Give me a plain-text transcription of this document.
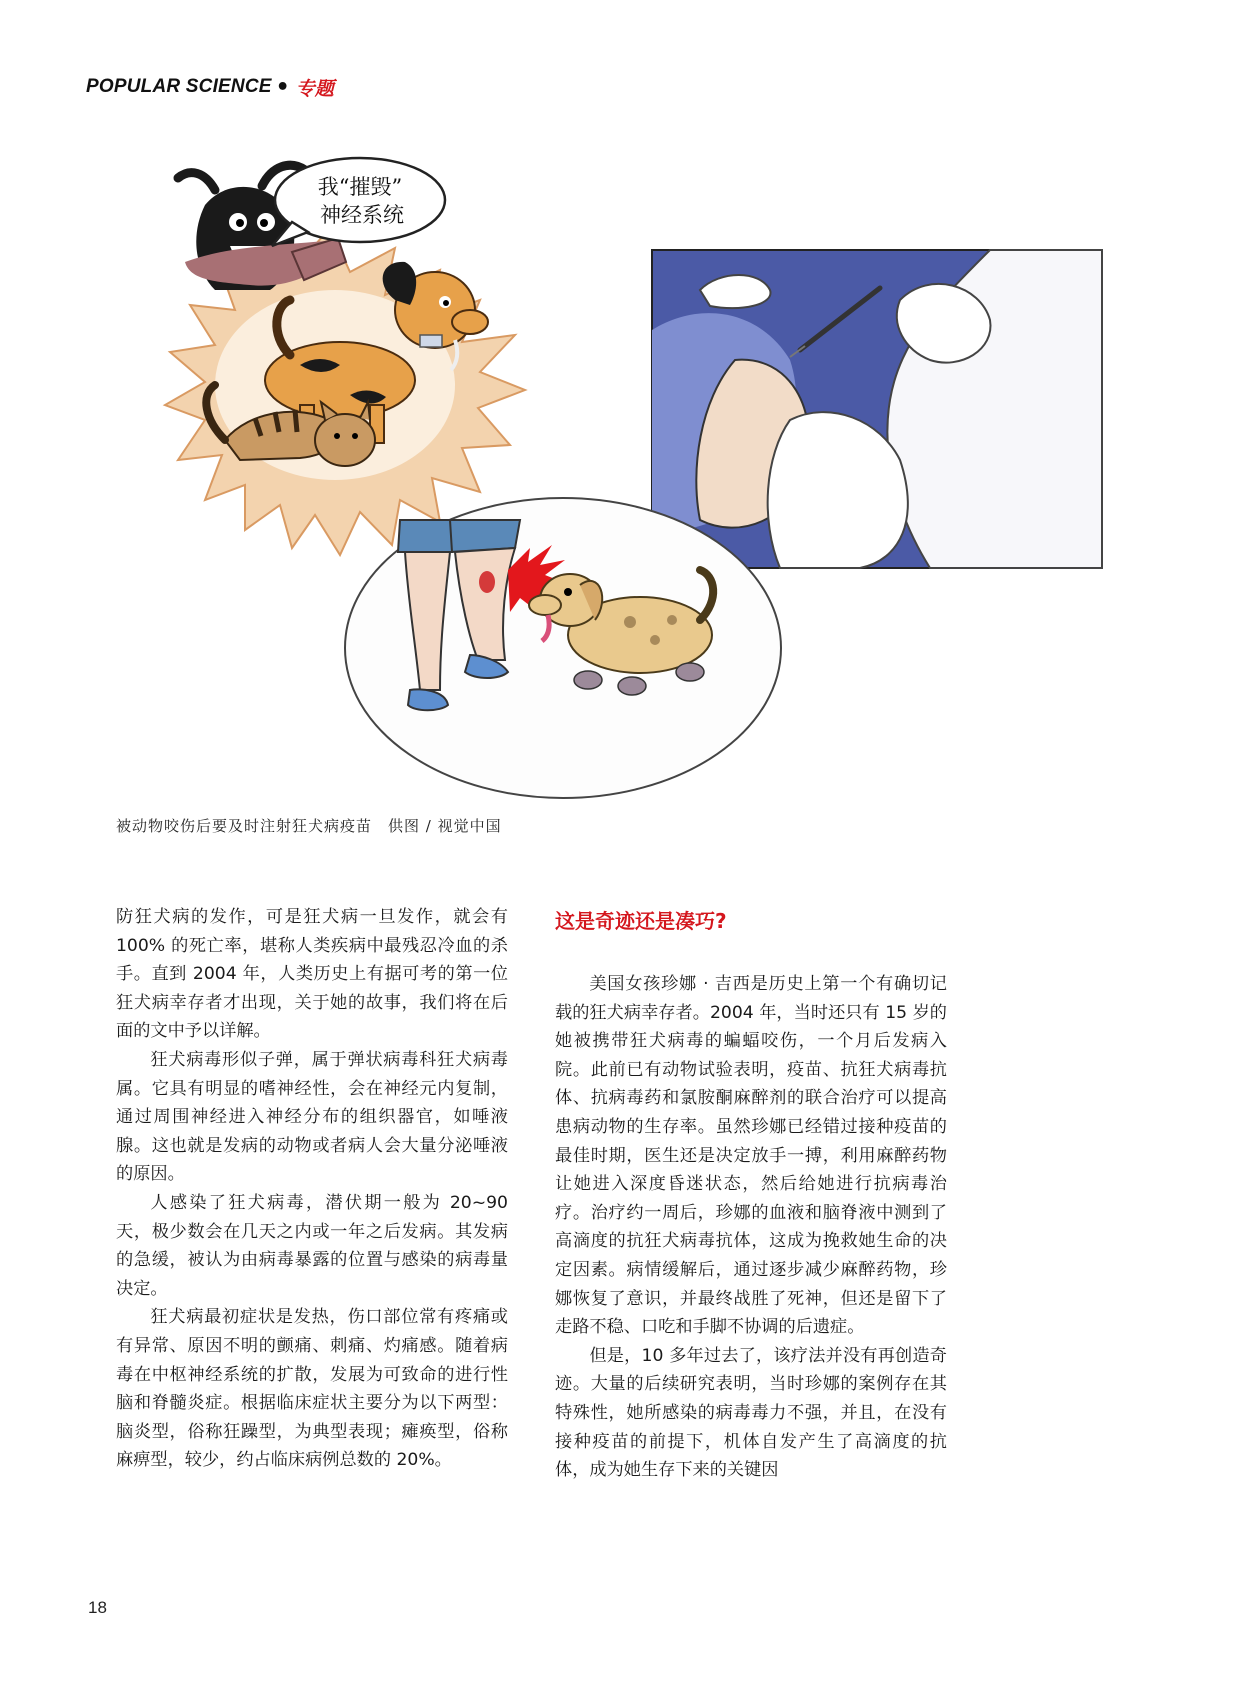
POPULAR SCIENCE • 专题
我“摧毁”
神经系统
被动物咬伤后要及时注射狂犬病疫苗　供图 / 视觉中国

防狂犬病的发作，可是狂犬病一旦发作，就会有 100% 的死亡率，堪称人类疾病中最残忍冷血的杀手。直到 2004 年，人类历史上有据可考的第一位狂犬病幸存者才出现，关于她的故事，我们将在后面的文中予以详解。

狂犬病毒形似子弹，属于弹状病毒科狂犬病毒属。它具有明显的嗜神经性，会在神经元内复制，通过周围神经进入神经分布的组织器官，如唾液腺。这也就是发病的动物或者病人会大量分泌唾液的原因。

人感染了狂犬病毒，潜伏期一般为 20~90 天，极少数会在几天之内或一年之后发病。其发病的急缓，被认为由病毒暴露的位置与感染的病毒量决定。

狂犬病最初症状是发热，伤口部位常有疼痛或有异常、原因不明的颤痛、刺痛、灼痛感。随着病毒在中枢神经系统的扩散，发展为可致命的进行性脑和脊髓炎症。根据临床症状主要分为以下两型：脑炎型，俗称狂躁型，为典型表现；瘫痪型，俗称麻痹型，较少，约占临床病例总数的 20%。

这是奇迹还是凑巧?

美国女孩珍娜 · 吉西是历史上第一个有确切记载的狂犬病幸存者。2004 年，当时还只有 15 岁的她被携带狂犬病毒的蝙蝠咬伤，一个月后发病入院。此前已有动物试验表明，疫苗、抗狂犬病毒抗体、抗病毒药和氯胺酮麻醉剂的联合治疗可以提高患病动物的生存率。虽然珍娜已经错过接种疫苗的最佳时期，医生还是决定放手一搏，利用麻醉药物让她进入深度昏迷状态，然后给她进行抗病毒治疗。治疗约一周后，珍娜的血液和脑脊液中测到了高滴度的抗狂犬病毒抗体，这成为挽救她生命的决定因素。病情缓解后，通过逐步减少麻醉药物，珍娜恢复了意识，并最终战胜了死神，但还是留下了走路不稳、口吃和手脚不协调的后遗症。

但是，10 多年过去了，该疗法并没有再创造奇迹。大量的后续研究表明，当时珍娜的案例存在其特殊性，她所感染的病毒毒力不强，并且，在没有接种疫苗的前提下，机体自发产生了高滴度的抗体，成为她生存下来的关键因

18
